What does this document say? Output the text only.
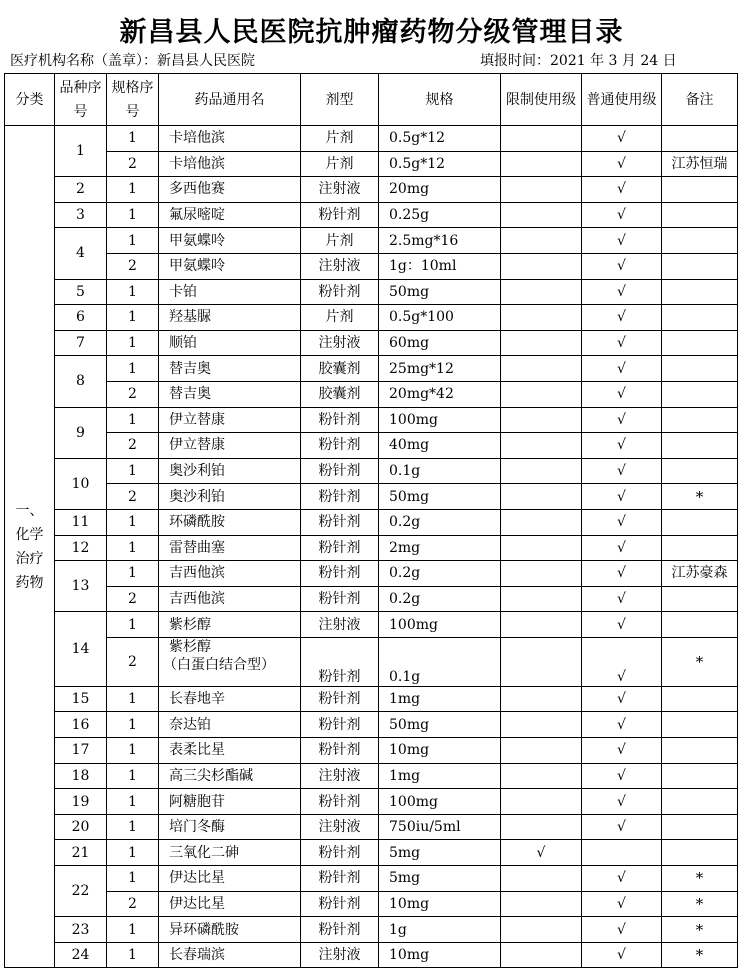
新昌县人民医院抗肿瘤药物分级管理目录
医疗机构名称（盖章）：新昌县人民医院	填报时间：2021 年 3 月 24 日
分类	品种序号	规格序号	药品通用名	剂型	规格	限制使用级	普通使用级	备注
一、化学治疗药物	1	1	卡培他滨	片剂	0.5g*12		√	
		2	卡培他滨	片剂	0.5g*12		√	江苏恒瑞
	2	1	多西他赛	注射液	20mg		√	
	3	1	氟尿嘧啶	粉针剂	0.25g		√	
	4	1	甲氨蝶呤	片剂	2.5mg*16		√	
		2	甲氨蝶呤	注射液	1g：10ml		√	
	5	1	卡铂	粉针剂	50mg		√	
	6	1	羟基脲	片剂	0.5g*100		√	
	7	1	顺铂	注射液	60mg		√	
	8	1	替吉奥	胶囊剂	25mg*12		√	
		2	替吉奥	胶囊剂	20mg*42		√	
	9	1	伊立替康	粉针剂	100mg		√	
		2	伊立替康	粉针剂	40mg		√	
	10	1	奥沙利铂	粉针剂	0.1g		√	
		2	奥沙利铂	粉针剂	50mg		√	*
	11	1	环磷酰胺	粉针剂	0.2g		√	
	12	1	雷替曲塞	粉针剂	2mg		√	
	13	1	吉西他滨	粉针剂	0.2g		√	江苏豪森
		2	吉西他滨	粉针剂	0.2g		√	
	14	1	紫杉醇	注射液	100mg		√	
		2	紫杉醇
（白蛋白结合型）	粉针剂	0.1g		√	*
	15	1	长春地辛	粉针剂	1mg		√	
	16	1	奈达铂	粉针剂	50mg		√	
	17	1	表柔比星	粉针剂	10mg		√	
	18	1	高三尖杉酯碱	注射液	1mg		√	
	19	1	阿糖胞苷	粉针剂	100mg		√	
	20	1	培门冬酶	注射液	750iu/5ml		√	
	21	1	三氧化二砷	粉针剂	5mg	√		
	22	1	伊达比星	粉针剂	5mg		√	*
		2	伊达比星	粉针剂	10mg		√	*
	23	1	异环磷酰胺	粉针剂	1g		√	*
	24	1	长春瑞滨	注射液	10mg		√	*
